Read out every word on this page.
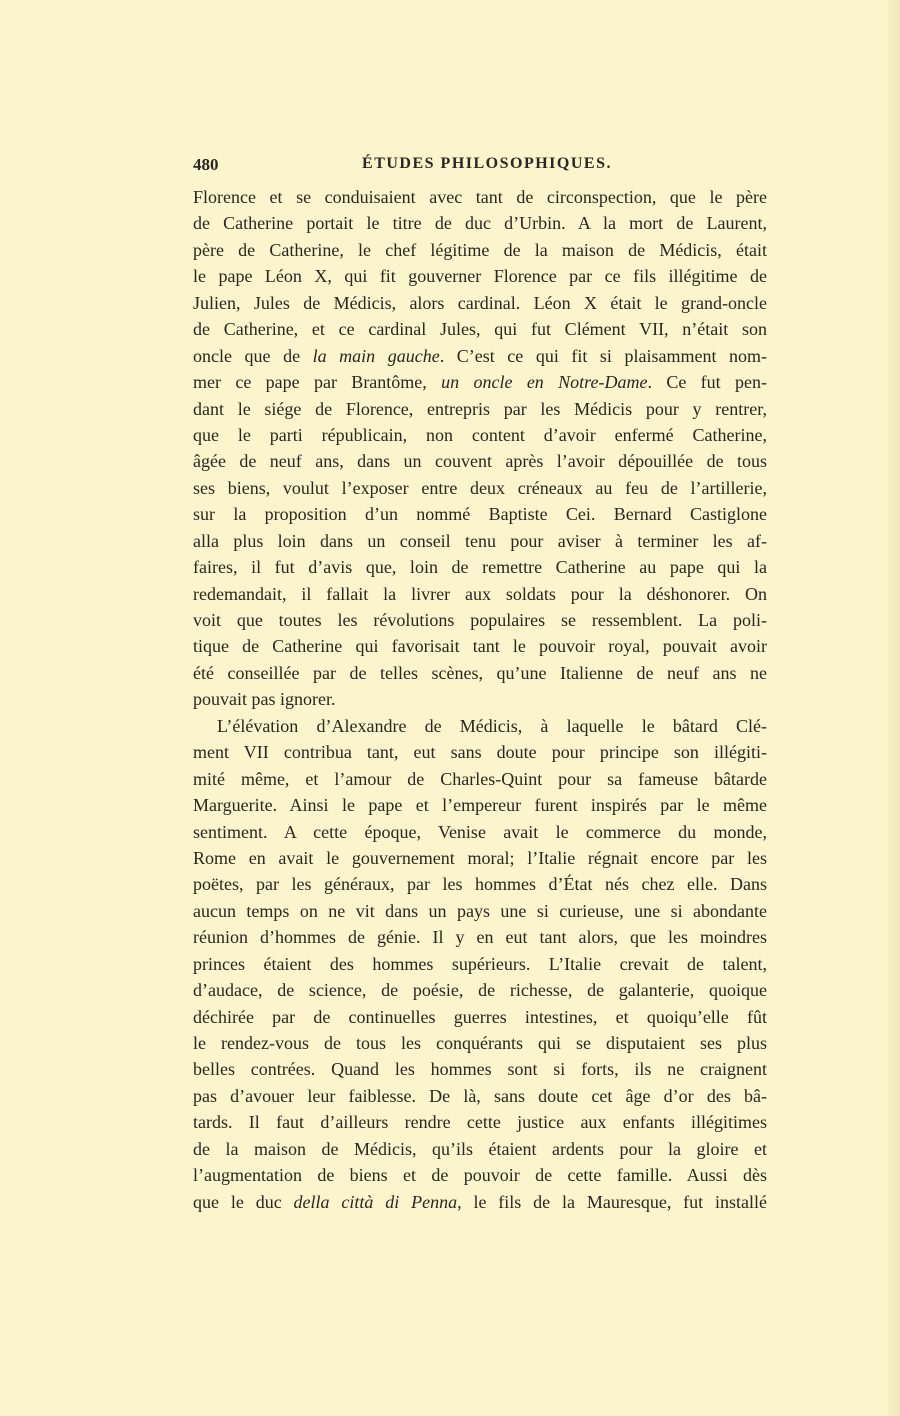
480	ÉTUDES PHILOSOPHIQUES.
Florence et se conduisaient avec tant de circonspection, que le père
de Catherine portait le titre de duc d’Urbin. A la mort de Laurent,
père de Catherine, le chef légitime de la maison de Médicis, était
le pape Léon X, qui fit gouverner Florence par ce fils illégitime de
Julien, Jules de Médicis, alors cardinal. Léon X était le grand-oncle
de Catherine, et ce cardinal Jules, qui fut Clément VII, n’était son
oncle que de la main gauche. C’est ce qui fit si plaisamment nom-
mer ce pape par Brantôme, un oncle en Notre-Dame. Ce fut pen-
dant le siége de Florence, entrepris par les Médicis pour y rentrer,
que le parti républicain, non content d’avoir enfermé Catherine,
âgée de neuf ans, dans un couvent après l’avoir dépouillée de tous
ses biens, voulut l’exposer entre deux créneaux au feu de l’artillerie,
sur la proposition d’un nommé Baptiste Cei. Bernard Castiglone
alla plus loin dans un conseil tenu pour aviser à terminer les af-
faires, il fut d’avis que, loin de remettre Catherine au pape qui la
redemandait, il fallait la livrer aux soldats pour la déshonorer. On
voit que toutes les révolutions populaires se ressemblent. La poli-
tique de Catherine qui favorisait tant le pouvoir royal, pouvait avoir
été conseillée par de telles scènes, qu’une Italienne de neuf ans ne
pouvait pas ignorer.
L’élévation d’Alexandre de Médicis, à laquelle le bâtard Clé-
ment VII contribua tant, eut sans doute pour principe son illégiti-
mité même, et l’amour de Charles-Quint pour sa fameuse bâtarde
Marguerite. Ainsi le pape et l’empereur furent inspirés par le même
sentiment. A cette époque, Venise avait le commerce du monde,
Rome en avait le gouvernement moral; l’Italie régnait encore par les
poëtes, par les généraux, par les hommes d’État nés chez elle. Dans
aucun temps on ne vit dans un pays une si curieuse, une si abondante
réunion d’hommes de génie. Il y en eut tant alors, que les moindres
princes étaient des hommes supérieurs. L’Italie crevait de talent,
d’audace, de science, de poésie, de richesse, de galanterie, quoique
déchirée par de continuelles guerres intestines, et quoiqu’elle fût
le rendez-vous de tous les conquérants qui se disputaient ses plus
belles contrées. Quand les hommes sont si forts, ils ne craignent
pas d’avouer leur faiblesse. De là, sans doute cet âge d’or des bâ-
tards. Il faut d’ailleurs rendre cette justice aux enfants illégitimes
de la maison de Médicis, qu’ils étaient ardents pour la gloire et
l’augmentation de biens et de pouvoir de cette famille. Aussi dès
que le duc della città di Penna, le fils de la Mauresque, fut installé
